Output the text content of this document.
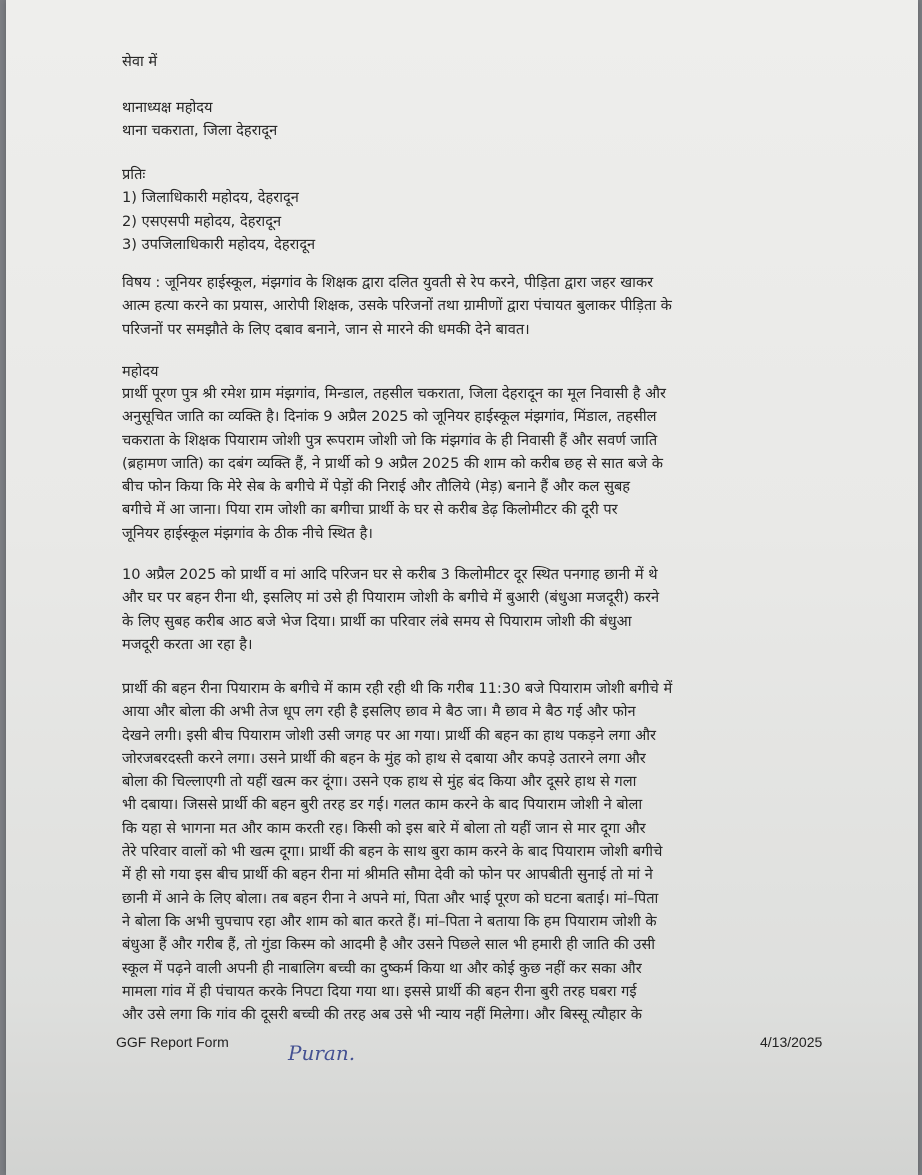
सेवा में
थानाध्यक्ष महोदय
थाना चकराता, जिला देहरादून
प्रतिः
1) जिलाधिकारी महोदय, देहरादून
2) एसएसपी महोदय, देहरादून
3) उपजिलाधिकारी महोदय, देहरादून
विषय : जूनियर हाईस्कूल, मंझगांव के शिक्षक द्वारा दलित युवती से रेप करने, पीड़िता द्वारा जहर खाकर
आत्म हत्या करने का प्रयास, आरोपी शिक्षक, उसके परिजनों तथा ग्रामीणों द्वारा पंचायत बुलाकर पीड़िता के
परिजनों पर समझौते के लिए दबाव बनाने, जान से मारने की धमकी देने बावत।
महोदय
प्रार्थी पूरण पुत्र श्री रमेश ग्राम मंझगांव, मिन्डाल, तहसील चकराता, जिला देहरादून का मूल निवासी है और
अनुसूचित जाति का व्यक्ति है। दिनांक 9 अप्रैल 2025 को जूनियर हाईस्कूल मंझगांव, मिंडाल, तहसील
चकराता के शिक्षक पियाराम जोशी पुत्र रूपराम जोशी जो कि मंझगांव के ही निवासी हैं और सवर्ण जाति
(ब्रहामण जाति) का दबंग व्यक्ति हैं, ने प्रार्थी को 9 अप्रैल 2025 की शाम को करीब छह से सात बजे के
बीच फोन किया कि मेरे सेब के बगीचे में पेड़ों की निराई और तौलिये (मेड़) बनाने हैं और कल सुबह
बगीचे में आ जाना। पिया राम जोशी का बगीचा प्रार्थी के घर से करीब डेढ़ किलोमीटर की दूरी पर
जूनियर हाईस्कूल मंझगांव के ठीक नीचे स्थित है।
10 अप्रैल 2025 को प्रार्थी व मां आदि परिजन घर से करीब 3 किलोमीटर दूर स्थित पनगाह छानी में थे
और घर पर बहन रीना थी, इसलिए मां उसे ही पियाराम जोशी के बगीचे में बुआरी (बंधुआ मजदूरी) करने
के लिए सुबह करीब आठ बजे भेज दिया। प्रार्थी का परिवार लंबे समय से पियाराम जोशी की बंधुआ
मजदूरी करता आ रहा है।
प्रार्थी की बहन रीना पियाराम के बगीचे में काम रही रही थी कि गरीब 11:30 बजे पियाराम जोशी बगीचे में
आया और बोला की अभी तेज धूप लग रही है इसलिए छाव मे बैठ जा। मै छाव मे बैठ गई और फोन
देखने लगी। इसी बीच पियाराम जोशी उसी जगह पर आ गया। प्रार्थी की बहन का हाथ पकड़ने लगा और
जोरजबरदस्ती करने लगा। उसने प्रार्थी की बहन के मुंह को हाथ से दबाया और कपड़े उतारने लगा और
बोला की चिल्लाएगी तो यहीं खत्म कर दूंगा। उसने एक हाथ से मुंह बंद किया और दूसरे हाथ से गला
भी दबाया। जिससे प्रार्थी की बहन बुरी तरह डर गई। गलत काम करने के बाद पियाराम जोशी ने बोला
कि यहा से भागना मत और काम करती रह। किसी को इस बारे में बोला तो यहीं जान से मार दूगा और
तेरे परिवार वालों को भी खत्म दूगा। प्रार्थी की बहन के साथ बुरा काम करने के बाद पियाराम जोशी बगीचे
में ही सो गया इस बीच प्रार्थी की बहन रीना मां श्रीमति सौमा देवी को फोन पर आपबीती सुनाई तो मां ने
छानी में आने के लिए बोला। तब बहन रीना ने अपने मां, पिता और भाई पूरण को घटना बताई। मां–पिता
ने बोला कि अभी चुपचाप रहा और शाम को बात करते हैं। मां–पिता ने बताया कि हम पियाराम जोशी के
बंधुआ हैं और गरीब हैं, तो गुंडा किस्म को आदमी है और उसने पिछले साल भी हमारी ही जाति की उसी
स्कूल में पढ़ने वाली अपनी ही नाबालिग बच्ची का दुष्कर्म किया था और कोई कुछ नहीं कर सका और
मामला गांव में ही पंचायत करके निपटा दिया गया था। इससे प्रार्थी की बहन रीना बुरी तरह घबरा गई
और उसे लगा कि गांव की दूसरी बच्ची की तरह अब उसे भी न्याय नहीं मिलेगा। और बिस्सू त्यौहार के
GGF Report Form	Puran.	4/13/2025
